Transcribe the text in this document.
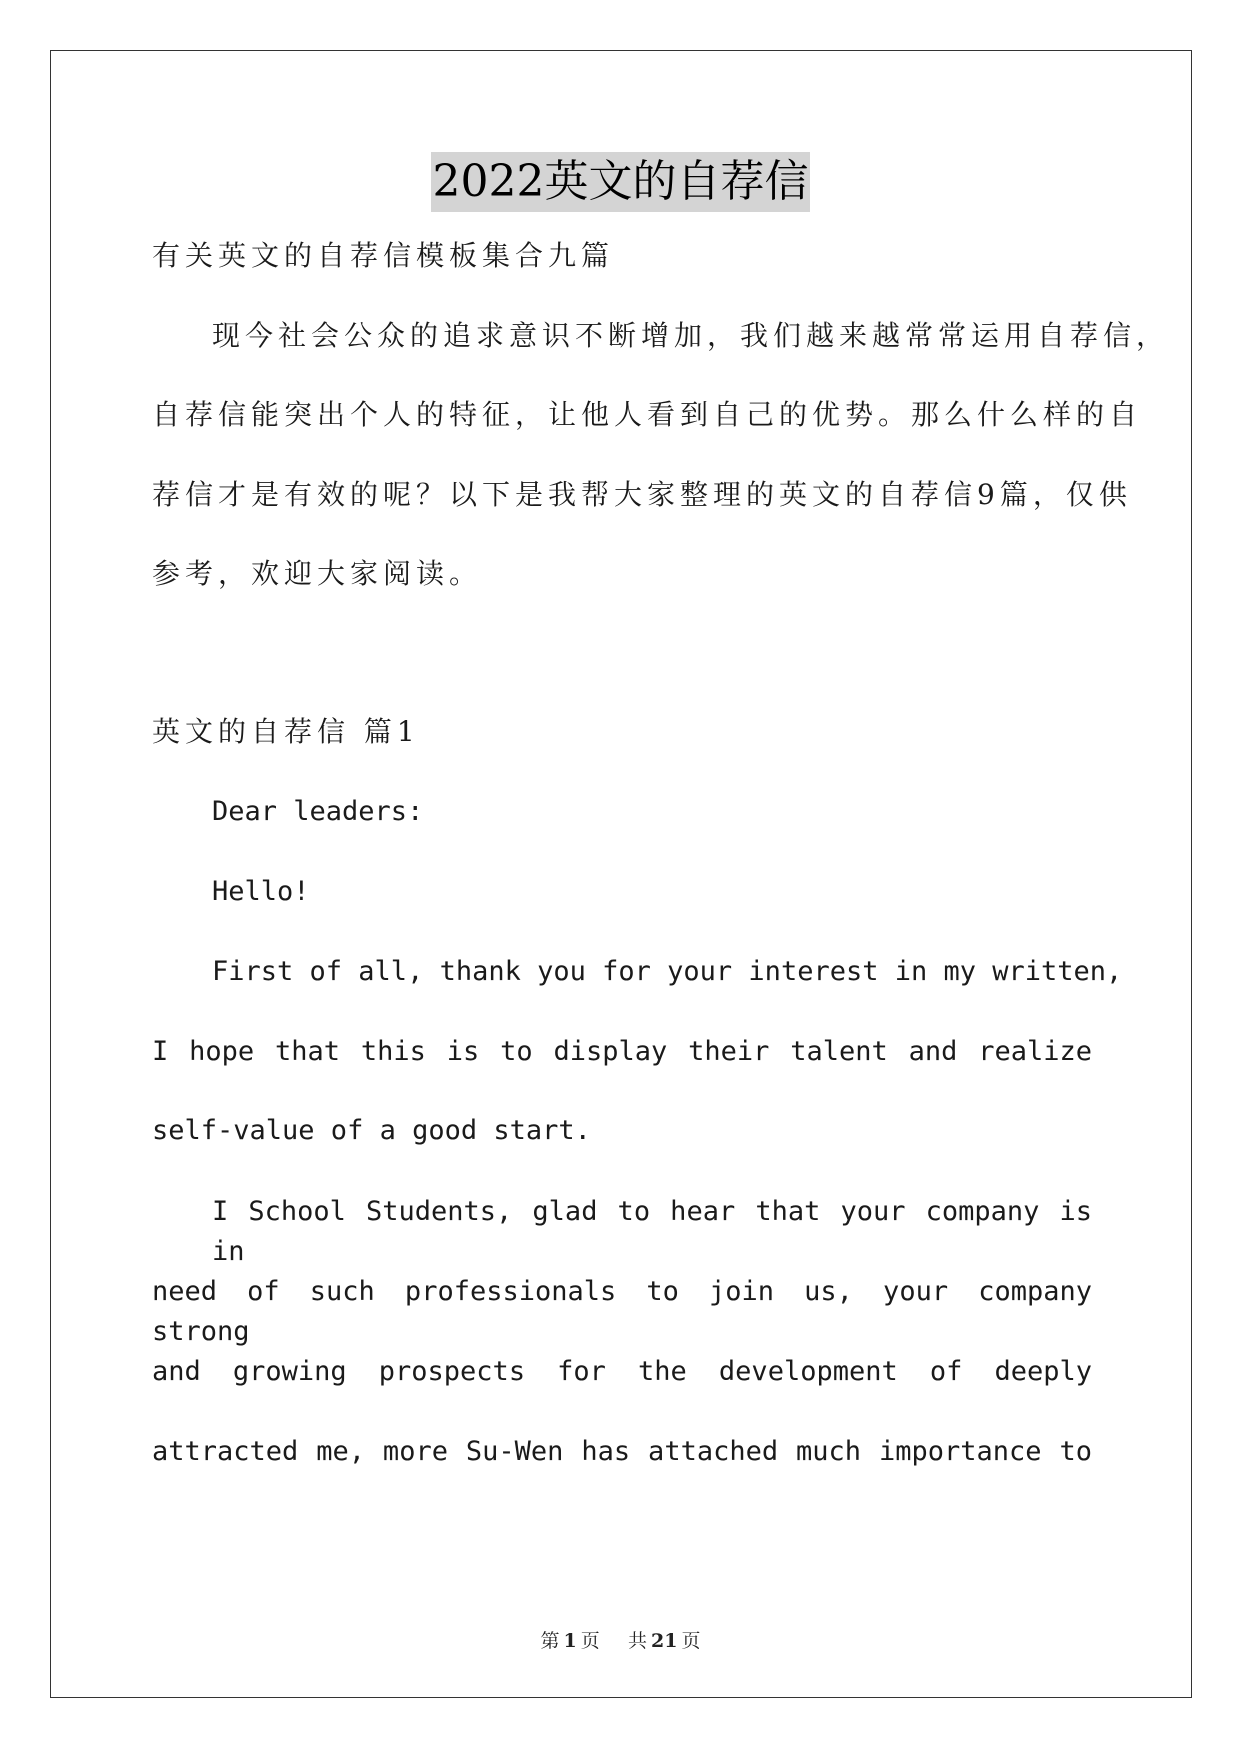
2022英文的自荐信
有关英文的自荐信模板集合九篇
现今社会公众的追求意识不断增加，我们越来越常常运用自荐信，
自荐信能突出个人的特征，让他人看到自己的优势。那么什么样的自
荐信才是有效的呢？以下是我帮大家整理的英文的自荐信9篇，仅供
参考，欢迎大家阅读。
英文的自荐信 篇1
Dear leaders:
Hello!
First of all, thank you for your interest in my written,
I hope that this is to display their talent and realize
self-value of a good start.
I School Students, glad to hear that your company is in
need of such professionals to join us, your company strong
and growing prospects for the development of deeply
attracted me, more Su-Wen has attached much importance to
第 1 页 共 21 页
